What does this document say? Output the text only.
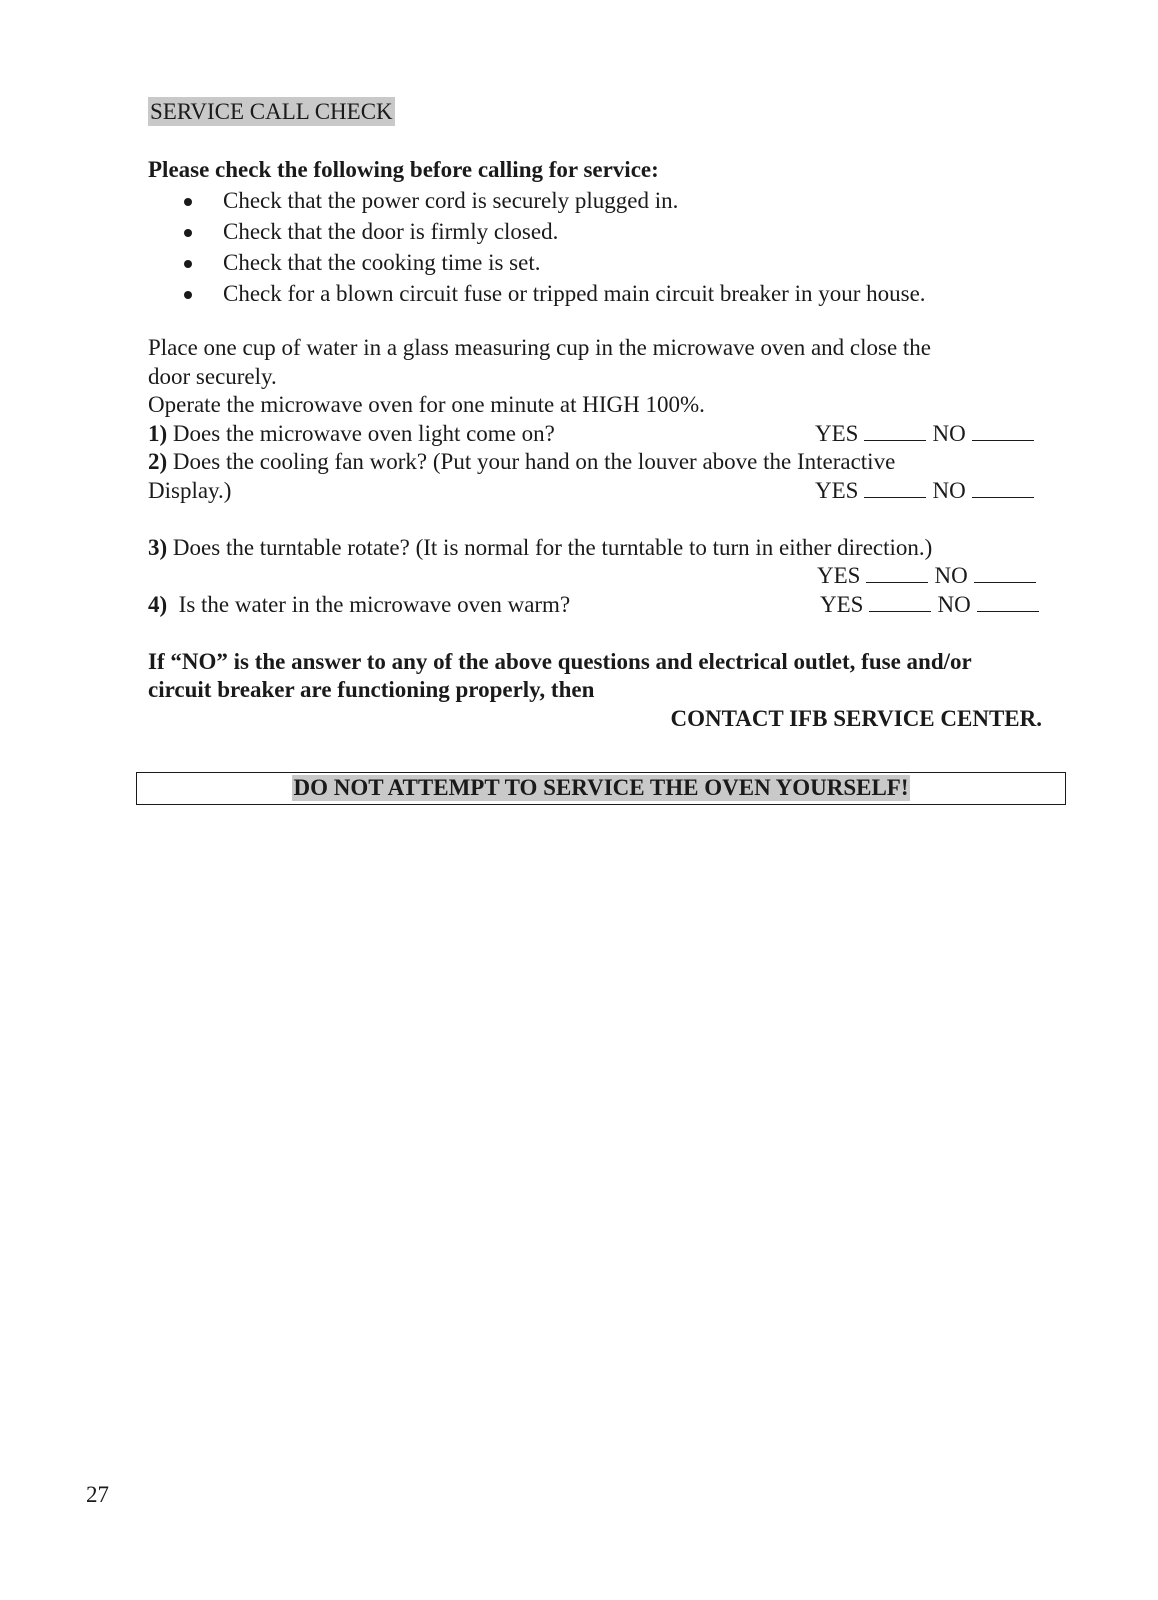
SERVICE CALL CHECK
Please check the following before calling for service:
Check that the power cord is securely plugged in.
Check that the door is firmly closed.
Check that the cooking time is set.
Check for a blown circuit fuse or tripped main circuit breaker in your house.
Place one cup of water in a glass measuring cup in the microwave oven and close the
door securely.
Operate the microwave oven for one minute at HIGH 100%.
1) Does the microwave oven light come on?	YES	NO
2) Does the cooling fan work? (Put your hand on the louver above the Interactive
Display.)	YES	NO
3) Does the turntable rotate? (It is normal for the turntable to turn in either direction.)
YES	NO
4) Is the water in the microwave oven warm?	YES	NO
If “NO” is the answer to any of the above questions and electrical outlet, fuse and/or
circuit breaker are functioning properly, then
CONTACT IFB SERVICE CENTER.
DO NOT ATTEMPT TO SERVICE THE OVEN YOURSELF!
27
